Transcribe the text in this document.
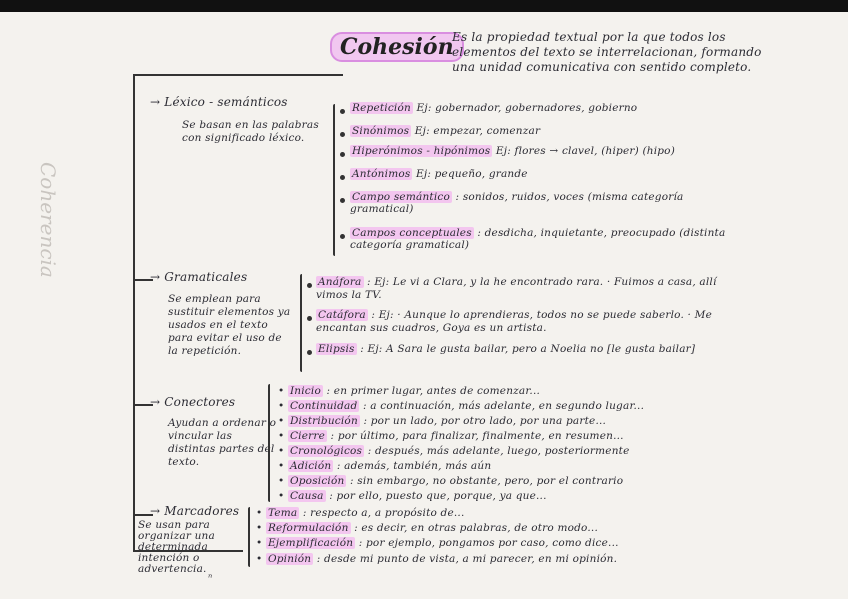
Coherencia
Cohesión
Es la propiedad textual por la que todos los elementos del texto se interrelacionan, formando una unidad comunicativa con sentido completo.
→ Léxico - semánticos
Se basan en las palabras con significado léxico.
Repetición Ej: gobernador, gobernadores, gobierno
Sinónimos Ej: empezar, comenzar
Hiperónimos - hipónimos Ej: flores → clavel, (hiper) (hipo)
Antónimos Ej: pequeño, grande
Campo semántico : sonidos, ruidos, voces (misma categoría gramatical)
Campos conceptuales : desdicha, inquietante, preocupado (distinta categoría gramatical)
→ Gramaticales
Se emplean para sustituir elementos ya usados en el texto para evitar el uso de la repetición.
Anáfora : Ej: Le vi a Clara, y la he encontrado rara. · Fuimos a casa, allí vimos la TV.
Catáfora : Ej: · Aunque lo aprendieras, todos no se puede saberlo. · Me encantan sus cuadros, Goya es un artista.
Elipsis : Ej: A Sara le gusta bailar, pero a Noelia no [le gusta bailar]
→ Conectores
Ayudan a ordenar o vincular las distintas partes del texto.
• Inicio : en primer lugar, antes de comenzar...
• Continuidad : a continuación, más adelante, en segundo lugar...
• Distribución : por un lado, por otro lado, por una parte...
• Cierre : por último, para finalizar, finalmente, en resumen...
• Cronológicos : después, más adelante, luego, posteriormente
• Adición : además, también, más aún
• Oposición : sin embargo, no obstante, pero, por el contrario
• Causa : por ello, puesto que, porque, ya que...
→ Marcadores
Se usan para organizar una determinada intención o advertencia.
• Tema : respecto a, a propósito de...
• Reformulación : es decir, en otras palabras, de otro modo...
• Ejemplificación : por ejemplo, pongamos por caso, como dice...
• Opinión : desde mi punto de vista, a mi parecer, en mi opinión.
ⁿ
